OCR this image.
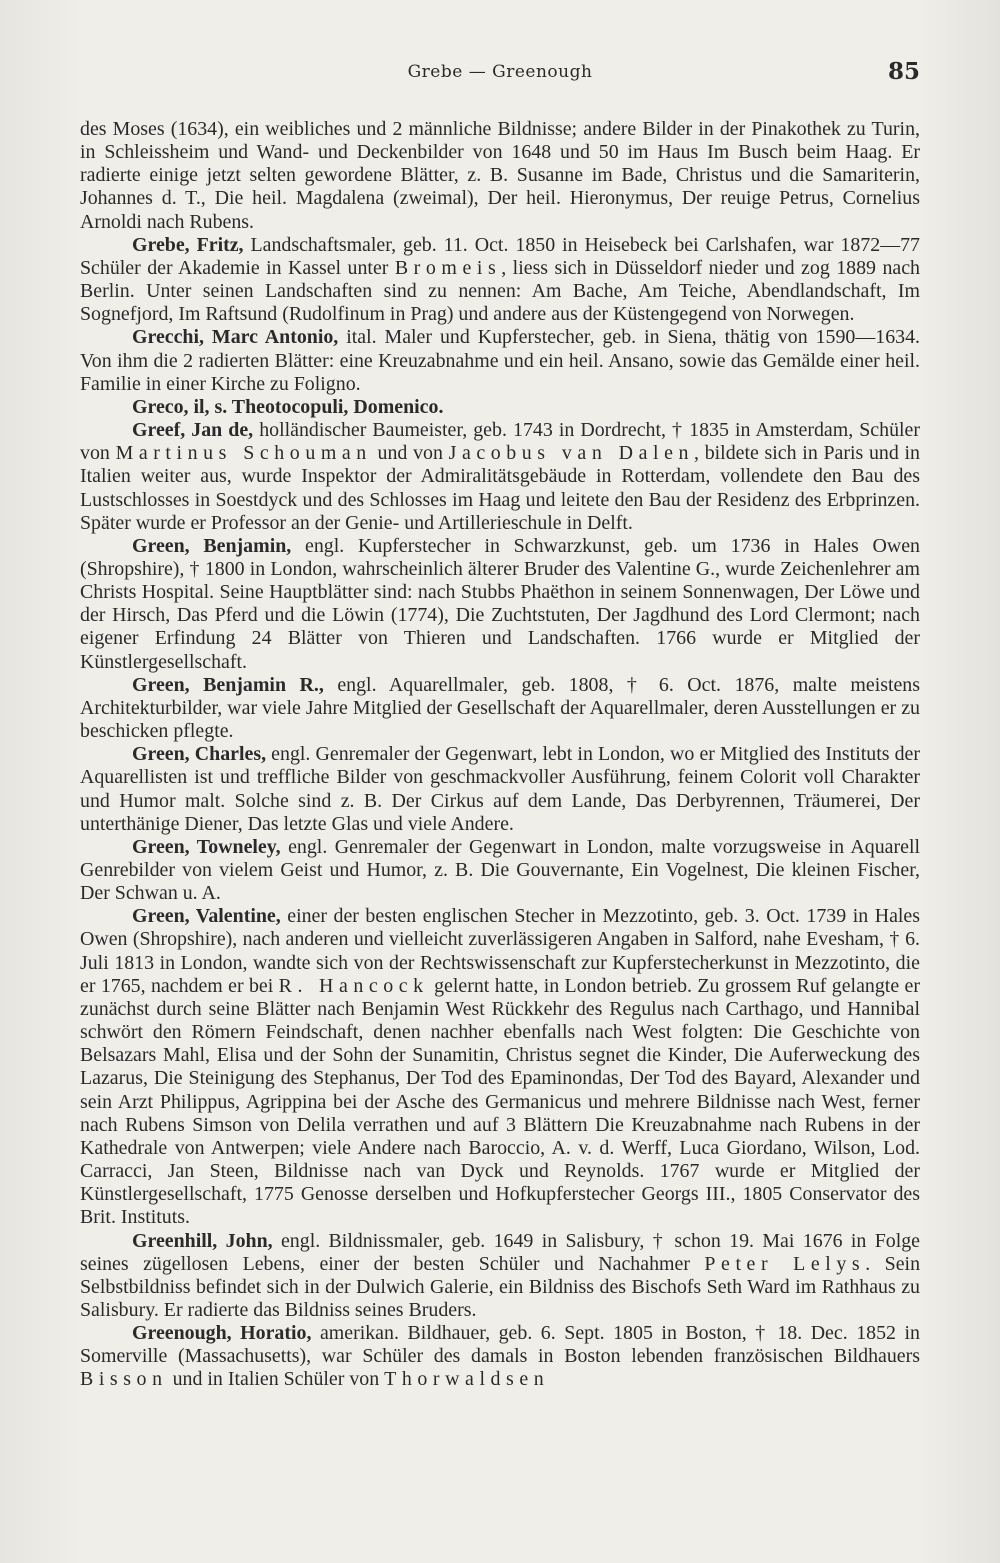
Grebe — Greenough	85

des Moses (1634), ein weibliches und 2 männliche Bildnisse; andere Bilder in der Pinakothek zu Turin, in Schleissheim und Wand- und Deckenbilder von 1648 und 50 im Haus Im Busch beim Haag. Er radierte einige jetzt selten gewordene Blätter, z. B. Susanne im Bade, Christus und die Samariterin, Johannes d. T., Die heil. Magdalena (zweimal), Der heil. Hieronymus, Der reuige Petrus, Cornelius Arnoldi nach Rubens.

Grebe, Fritz, Landschaftsmaler, geb. 11. Oct. 1850 in Heisebeck bei Carlshafen, war 1872—77 Schüler der Akademie in Kassel unter Bromeis, liess sich in Düsseldorf nieder und zog 1889 nach Berlin. Unter seinen Landschaften sind zu nennen: Am Bache, Am Teiche, Abendlandschaft, Im Sognefjord, Im Raftsund (Rudolfinum in Prag) und andere aus der Küstengegend von Norwegen.

Grecchi, Marc Antonio, ital. Maler und Kupferstecher, geb. in Siena, thätig von 1590—1634. Von ihm die 2 radierten Blätter: eine Kreuzabnahme und ein heil. Ansano, sowie das Gemälde einer heil. Familie in einer Kirche zu Foligno.

Greco, il, s. Theotocopuli, Domenico.

Greef, Jan de, holländischer Baumeister, geb. 1743 in Dordrecht, † 1835 in Amsterdam, Schüler von Martinus Schouman und von Jacobus van Dalen, bildete sich in Paris und in Italien weiter aus, wurde Inspektor der Admiralitätsgebäude in Rotterdam, vollendete den Bau des Lustschlosses in Soestdyck und des Schlosses im Haag und leitete den Bau der Residenz des Erbprinzen. Später wurde er Professor an der Genie- und Artillerieschule in Delft.

Green, Benjamin, engl. Kupferstecher in Schwarzkunst, geb. um 1736 in Hales Owen (Shropshire), † 1800 in London, wahrscheinlich älterer Bruder des Valentine G., wurde Zeichenlehrer am Christs Hospital. Seine Hauptblätter sind: nach Stubbs Phaëthon in seinem Sonnenwagen, Der Löwe und der Hirsch, Das Pferd und die Löwin (1774), Die Zuchtstuten, Der Jagdhund des Lord Clermont; nach eigener Erfindung 24 Blätter von Thieren und Landschaften. 1766 wurde er Mitglied der Künstlergesellschaft.

Green, Benjamin R., engl. Aquarellmaler, geb. 1808, † 6. Oct. 1876, malte meistens Architekturbilder, war viele Jahre Mitglied der Gesellschaft der Aquarellmaler, deren Ausstellungen er zu beschicken pflegte.

Green, Charles, engl. Genremaler der Gegenwart, lebt in London, wo er Mitglied des Instituts der Aquarellisten ist und treffliche Bilder von geschmackvoller Ausführung, feinem Colorit voll Charakter und Humor malt. Solche sind z. B. Der Cirkus auf dem Lande, Das Derbyrennen, Träumerei, Der unterthänige Diener, Das letzte Glas und viele Andere.

Green, Towneley, engl. Genremaler der Gegenwart in London, malte vorzugsweise in Aquarell Genrebilder von vielem Geist und Humor, z. B. Die Gouvernante, Ein Vogelnest, Die kleinen Fischer, Der Schwan u. A.

Green, Valentine, einer der besten englischen Stecher in Mezzotinto, geb. 3. Oct. 1739 in Hales Owen (Shropshire), nach anderen und vielleicht zuverlässigeren Angaben in Salford, nahe Evesham, † 6. Juli 1813 in London, wandte sich von der Rechtswissenschaft zur Kupferstecherkunst in Mezzotinto, die er 1765, nachdem er bei R. Hancock gelernt hatte, in London betrieb. Zu grossem Ruf gelangte er zunächst durch seine Blätter nach Benjamin West Rückkehr des Regulus nach Carthago, und Hannibal schwört den Römern Feindschaft, denen nachher ebenfalls nach West folgten: Die Geschichte von Belsazars Mahl, Elisa und der Sohn der Sunamitin, Christus segnet die Kinder, Die Auferweckung des Lazarus, Die Steinigung des Stephanus, Der Tod des Epaminondas, Der Tod des Bayard, Alexander und sein Arzt Philippus, Agrippina bei der Asche des Germanicus und mehrere Bildnisse nach West, ferner nach Rubens Simson von Delila verrathen und auf 3 Blättern Die Kreuzabnahme nach Rubens in der Kathedrale von Antwerpen; viele Andere nach Baroccio, A. v. d. Werff, Luca Giordano, Wilson, Lod. Carracci, Jan Steen, Bildnisse nach van Dyck und Reynolds. 1767 wurde er Mitglied der Künstlergesellschaft, 1775 Genosse derselben und Hofkupferstecher Georgs III., 1805 Conservator des Brit. Instituts.

Greenhill, John, engl. Bildnissmaler, geb. 1649 in Salisbury, † schon 19. Mai 1676 in Folge seines zügellosen Lebens, einer der besten Schüler und Nachahmer Peter Lelys. Sein Selbstbildniss befindet sich in der Dulwich Galerie, ein Bildniss des Bischofs Seth Ward im Rathhaus zu Salisbury. Er radierte das Bildniss seines Bruders.

Greenough, Horatio, amerikan. Bildhauer, geb. 6. Sept. 1805 in Boston, † 18. Dec. 1852 in Somerville (Massachusetts), war Schüler des damals in Boston lebenden französischen Bildhauers Bisson und in Italien Schüler von Thorwaldsen
